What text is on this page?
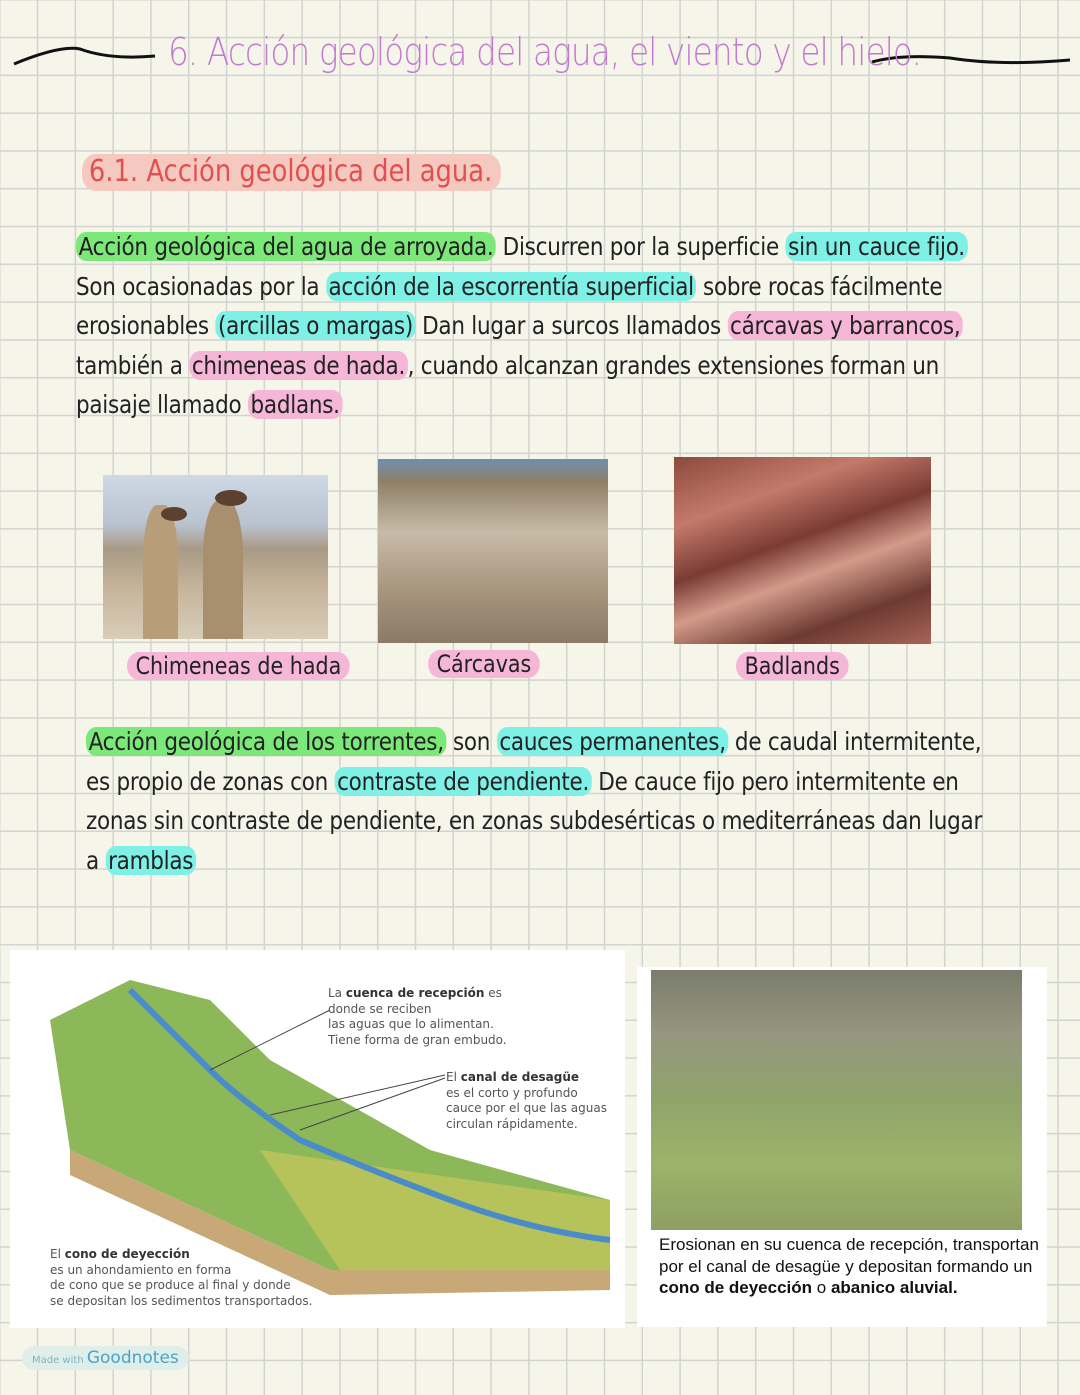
6. Acción geológica del agua, el viento y el hielo.
6.1. Acción geológica del agua.
Acción geológica del agua de arroyada. Discurren por la superficie sin un cauce fijo.
Son ocasionadas por la acción de la escorrentía superficial sobre rocas fácilmente
erosionables (arcillas o margas) Dan lugar a surcos llamados cárcavas y barrancos,
también a chimeneas de hada. , cuando alcanzan grandes extensiones forman un
paisaje llamado badlans.
Chimeneas de hada	Cárcavas	Badlands
Acción geológica de los torrentes, son cauces permanentes, de caudal intermitente,
es propio de zonas con contraste de pendiente. De cauce fijo pero intermitente en
zonas sin contraste de pendiente, en zonas subdesérticas o mediterráneas dan lugar
a ramblas
La cuenca de recepción es
donde se reciben
las aguas que lo alimentan.
Tiene forma de gran embudo.
El canal de desagüe
es el corto y profundo
cauce por el que las aguas
circulan rápidamente.
El cono de deyección
es un ahondamiento en forma
de cono que se produce al final y donde
se depositan los sedimentos transportados.
Erosionan en su cuenca de recepción, transportan por el canal de desagüe y depositan formando un cono de deyección o abanico aluvial.
Made with Goodnotes
